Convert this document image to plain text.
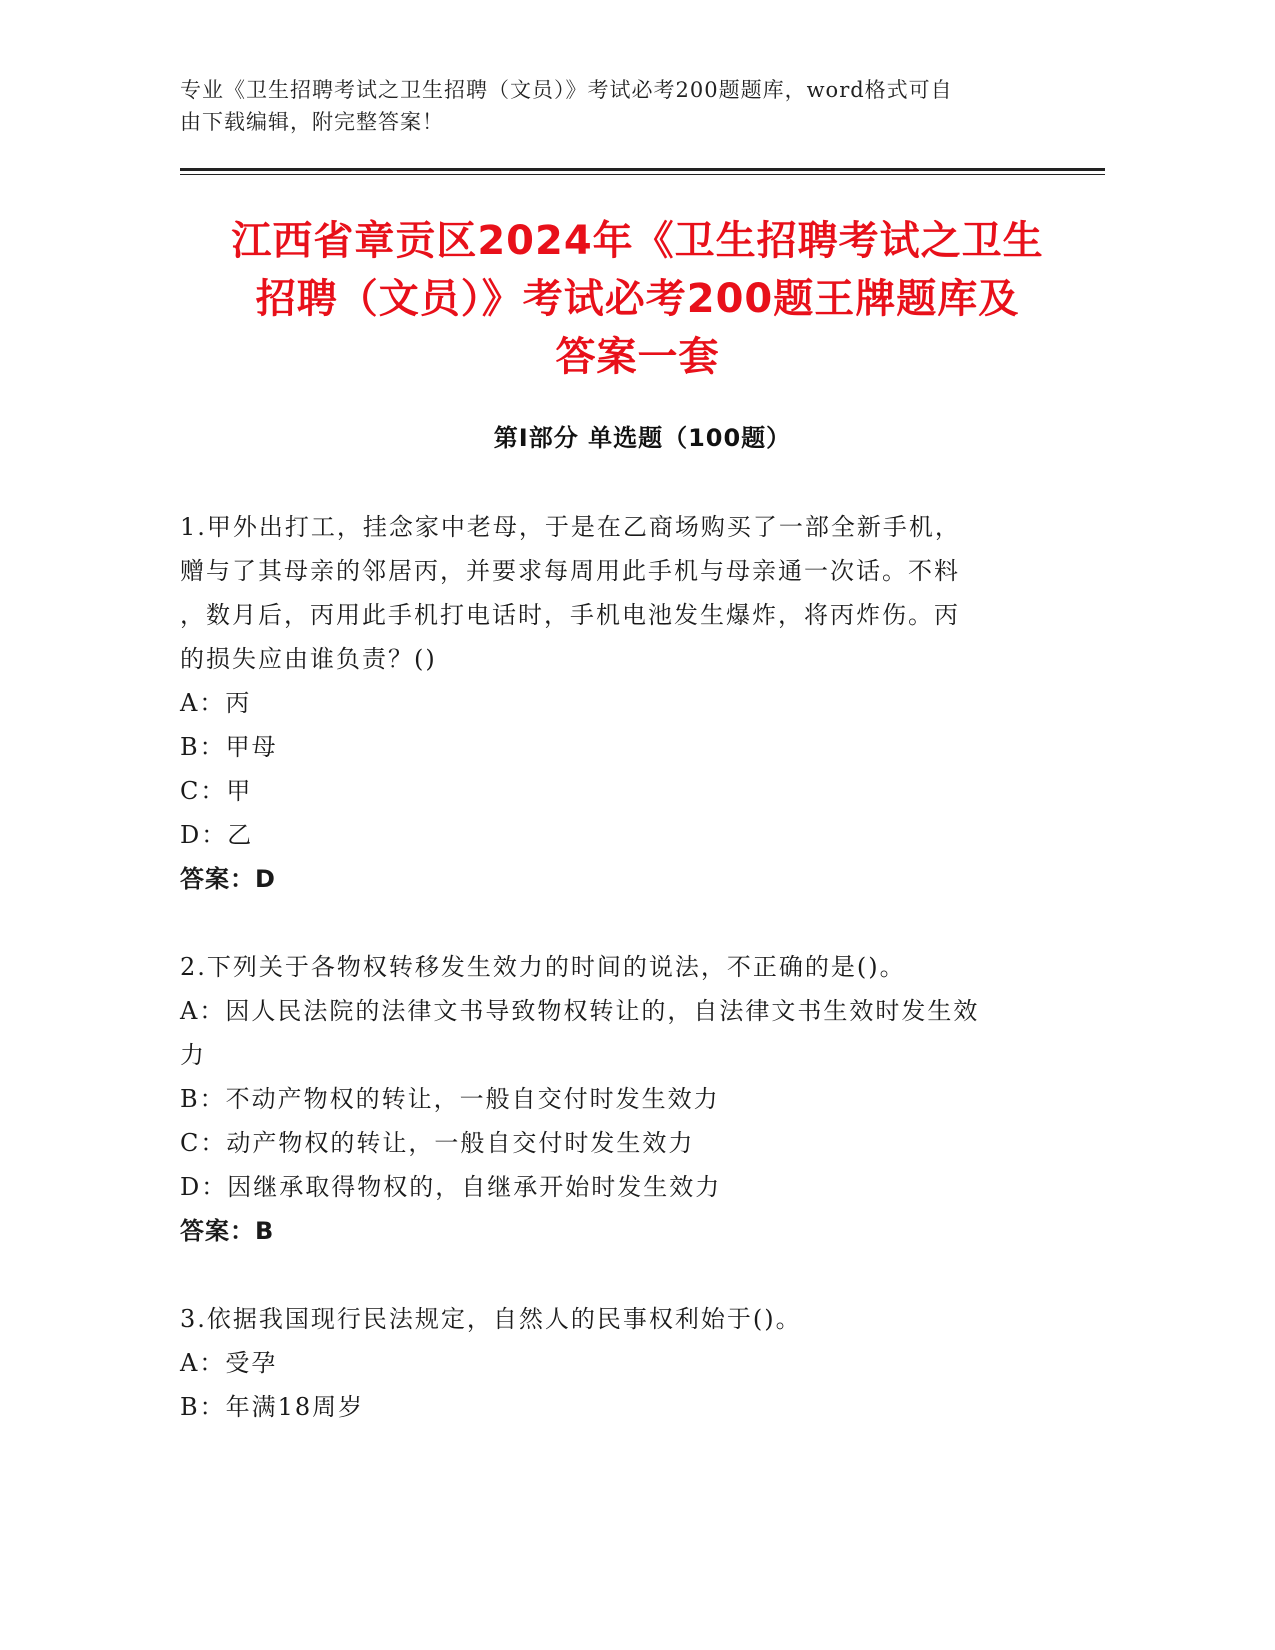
专业《卫生招聘考试之卫生招聘（文员）》考试必考200题题库，word格式可自
由下载编辑，附完整答案！
江西省章贡区2024年《卫生招聘考试之卫生
招聘（文员）》考试必考200题王牌题库及
答案一套
第Ⅰ部分 单选题（100题）

1.甲外出打工，挂念家中老母，于是在乙商场购买了一部全新手机，

赠与了其母亲的邻居丙，并要求每周用此手机与母亲通一次话。不料

，数月后，丙用此手机打电话时，手机电池发生爆炸，将丙炸伤。丙

的损失应由谁负责？()

A：丙

B：甲母

C：甲

D：乙

答案：D

2.下列关于各物权转移发生效力的时间的说法，不正确的是()。

A：因人民法院的法律文书导致物权转让的，自法律文书生效时发生效

力

B：不动产物权的转让，一般自交付时发生效力

C：动产物权的转让，一般自交付时发生效力

D：因继承取得物权的，自继承开始时发生效力

答案：B

3.依据我国现行民法规定，自然人的民事权利始于()。

A：受孕

B：年满18周岁
